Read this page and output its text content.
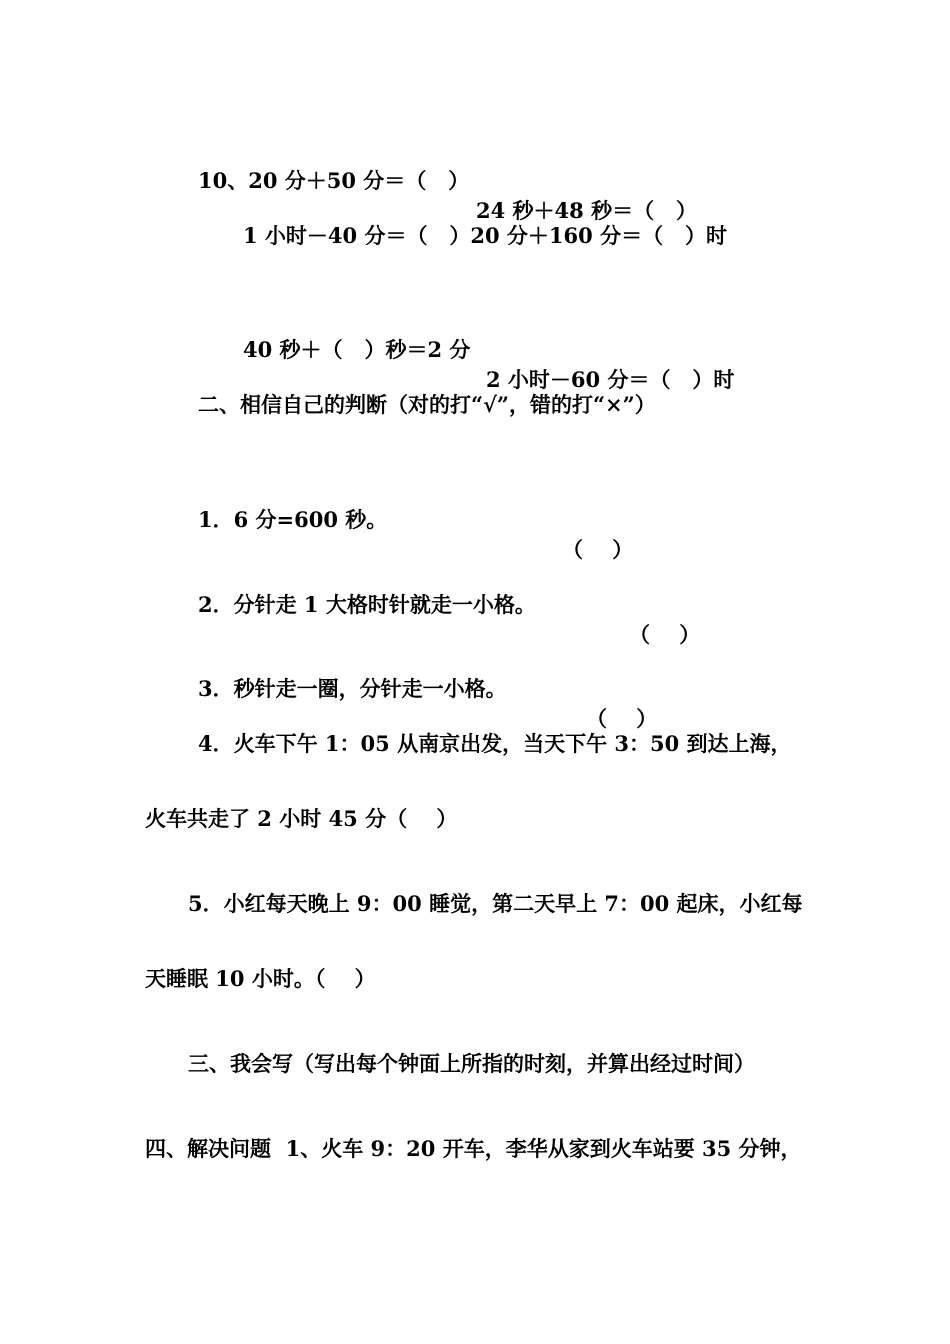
10、20 分＋50 分＝（   ）

24 秒＋48 秒＝（   ）

1 小时－40 分＝（   ）20 分＋160 分＝（   ）时

40 秒＋（   ）秒＝2 分

2 小时－60 分＝（   ）时

二、相信自己的判断（对的打“√”，错的打“×”）

1．6 分=600 秒。

（    ）

2．分针走 1 大格时针就走一小格。

（    ）

3．秒针走一圈，分针走一小格。

（    ）

4．火车下午 1：05 从南京出发，当天下午 3：50 到达上海，
火车共走了 2 小时 45 分（    ）
5．小红每天晚上 9：00 睡觉，第二天早上 7：00 起床，小红每
天睡眠 10 小时。（    ）
三、我会写（写出每个钟面上所指的时刻，并算出经过时间）
四、解决问题  1、火车 9：20 开车，李华从家到火车站要 35 分钟，
